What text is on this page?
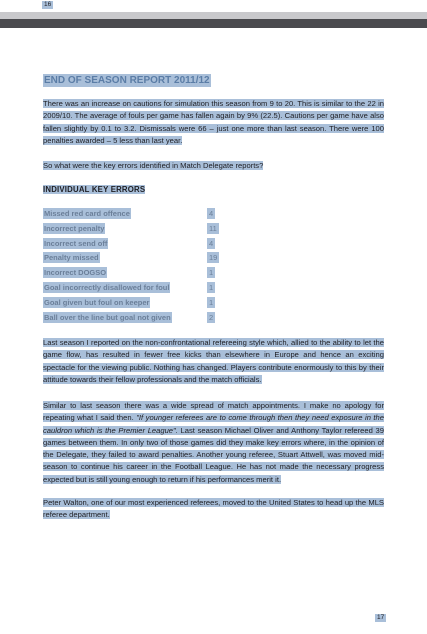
16
END OF SEASON REPORT 2011/12
There was an increase on cautions for simulation this season from 9 to 20. This is similar to the 22 in 2009/10. The average of fouls per game has fallen again by 9% (22.5). Cautions per game have also fallen slightly by 0.1 to 3.2. Dismissals were 66 – just one more than last season. There were 100 penalties awarded – 5 less than last year.
So what were the key errors identified in Match Delegate reports?
INDIVIDUAL KEY ERRORS
Missed red card offence	4
Incorrect penalty	11
Incorrect send off	4
Penalty missed	19
Incorrect DOGSO	1
Goal incorrectly disallowed for foul	1
Goal given but foul on keeper	1
Ball over the line but goal not given	2
Last season I reported on the non-confrontational refereeing style which, allied to the ability to let the game flow, has resulted in fewer free kicks than elsewhere in Europe and hence an exciting spectacle for the viewing public. Nothing has changed. Players contribute enormously to this by their attitude towards their fellow professionals and the match officials.
Similar to last season there was a wide spread of match appointments. I make no apology for repeating what I said then. "If younger referees are to come through then they need exposure in the cauldron which is the Premier League". Last season Michael Oliver and Anthony Taylor refereed 39 games between them. In only two of those games did they make key errors where, in the opinion of the Delegate, they failed to award penalties. Another young referee, Stuart Attwell, was moved mid-season to continue his career in the Football League. He has not made the necessary progress expected but is still young enough to return if his performances merit it.
Peter Walton, one of our most experienced referees, moved to the United States to head up the MLS referee department.
17
